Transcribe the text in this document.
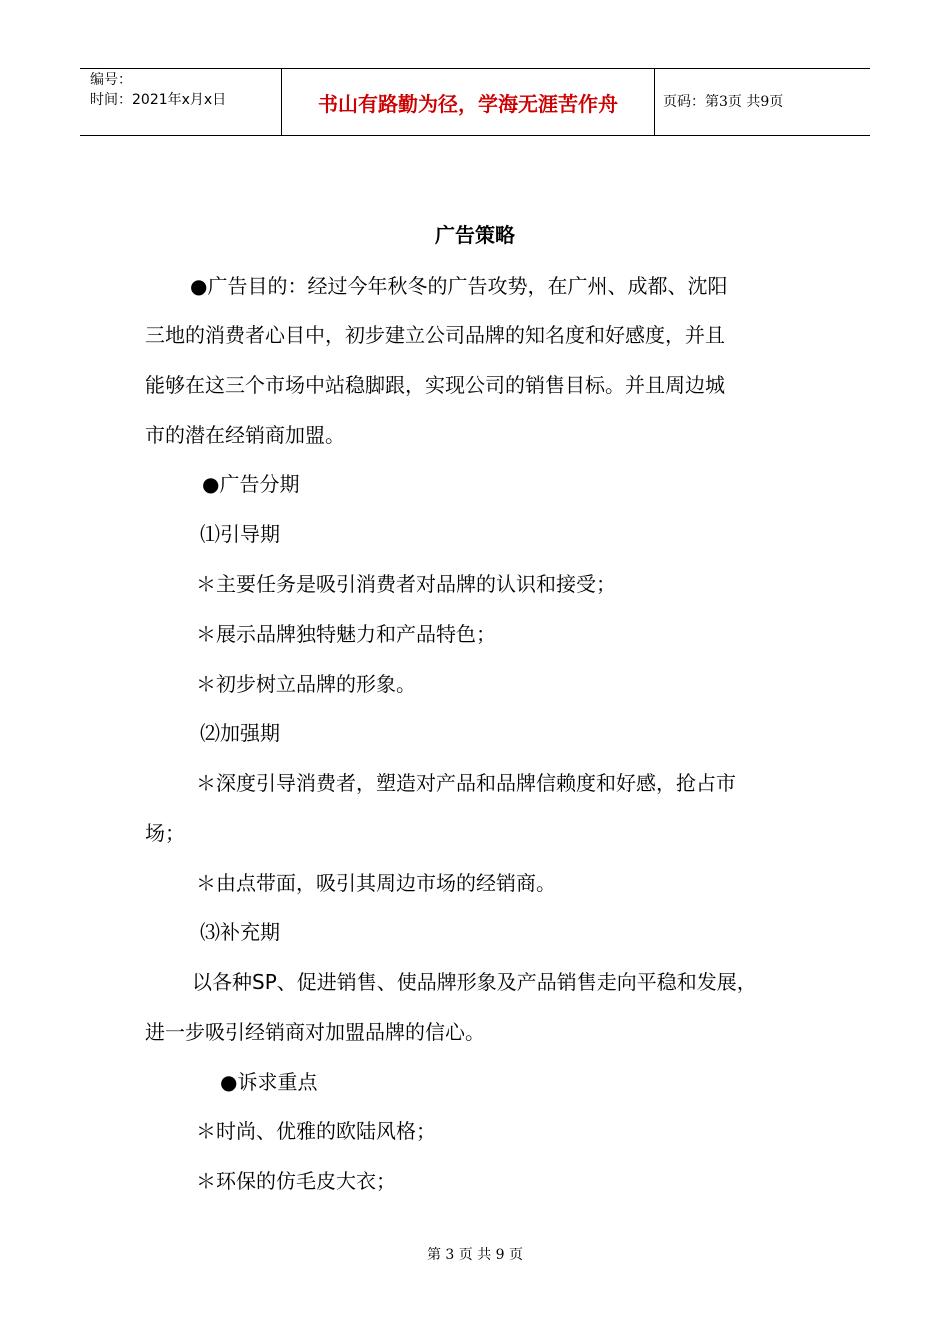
编号：
时间：2021年x月x日	书山有路勤为径，学海无涯苦作舟	页码：第3页 共9页
广告策略
●广告目的：经过今年秋冬的广告攻势，在广州、成都、沈阳
三地的消费者心目中，初步建立公司品牌的知名度和好感度，并且
能够在这三个市场中站稳脚跟，实现公司的销售目标。并且周边城
市的潜在经销商加盟。
●广告分期
⑴引导期
＊主要任务是吸引消费者对品牌的认识和接受；
＊展示品牌独特魅力和产品特色；
＊初步树立品牌的形象。
⑵加强期
＊深度引导消费者，塑造对产品和品牌信赖度和好感，抢占市
场；
＊由点带面，吸引其周边市场的经销商。
⑶补充期
以各种SP、促进销售、使品牌形象及产品销售走向平稳和发展，
进一步吸引经销商对加盟品牌的信心。
●诉求重点
＊时尚、优雅的欧陆风格；
＊环保的仿毛皮大衣；
第 3 页 共 9 页
